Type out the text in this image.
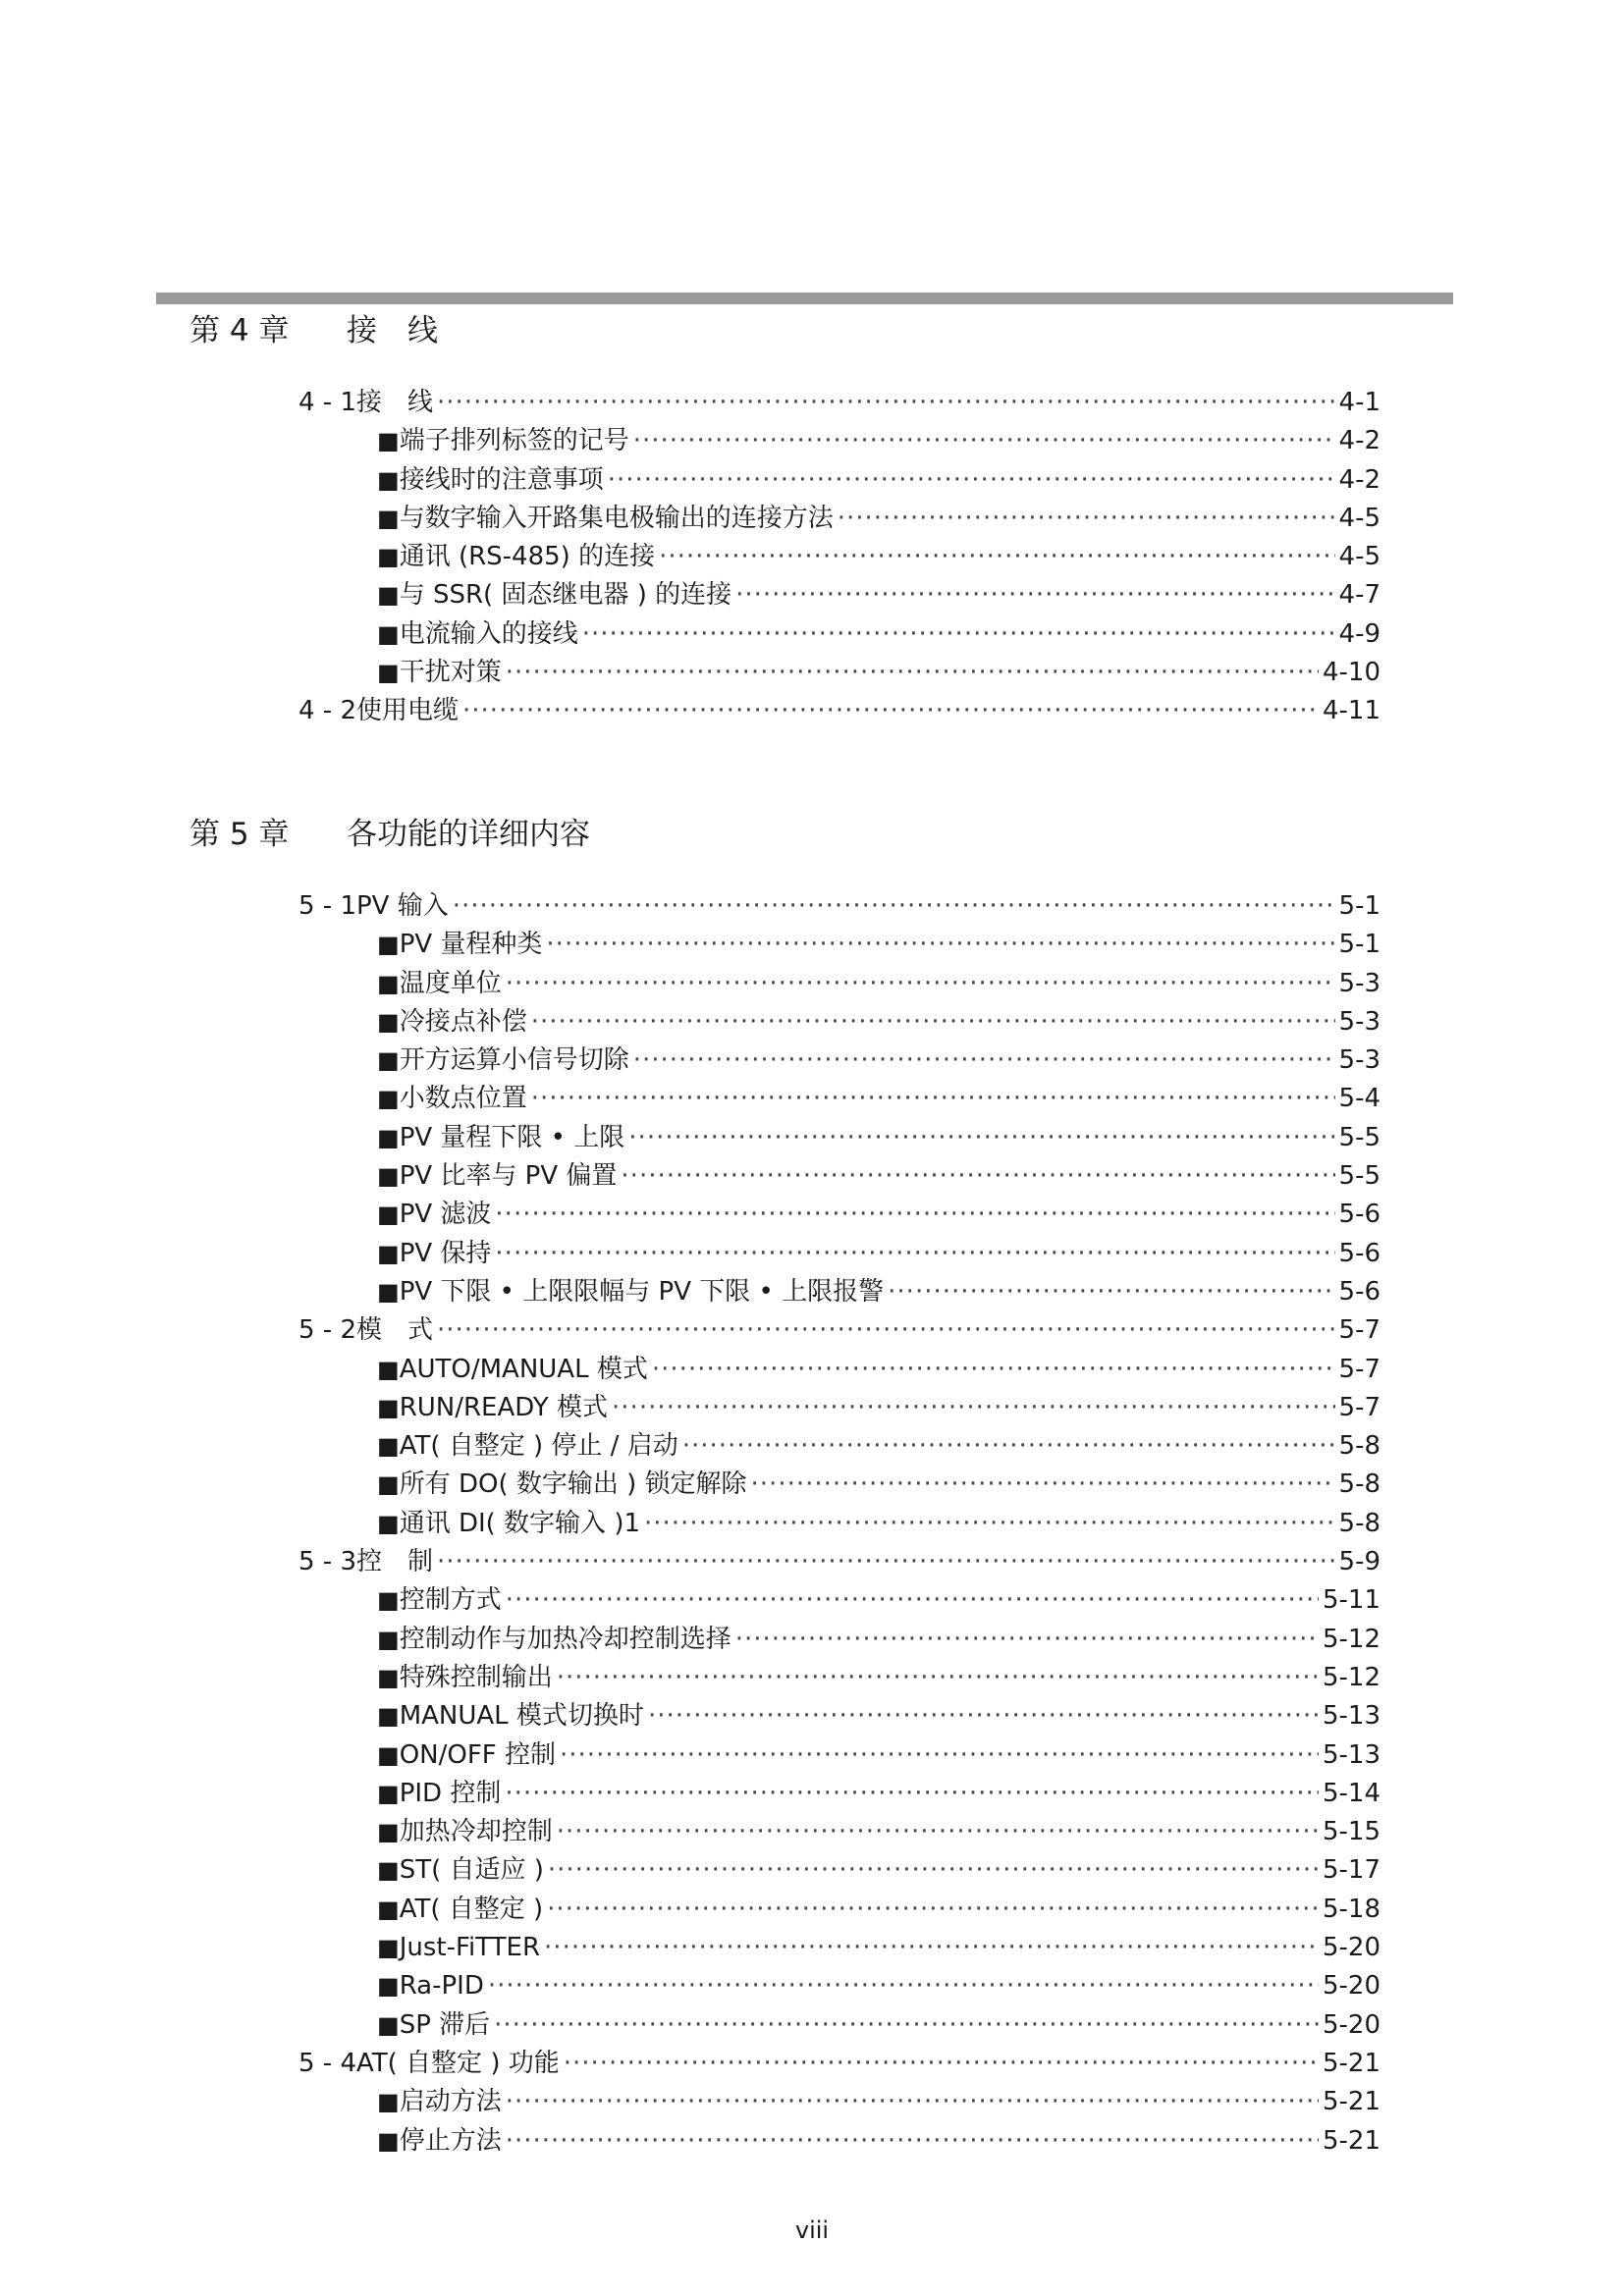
第 4 章 接　线
4 - 1 接　线 ·····	4-1
■ 端子排列标签的记号 ·····	4-2
■ 接线时的注意事项 ·····	4-2
■ 与数字输入开路集电极输出的连接方法 ·····	4-5
■ 通讯 (RS-485) 的连接 ·····	4-5
■ 与 SSR( 固态继电器 ) 的连接 ·····	4-7
■ 电流输入的接线 ·····	4-9
■ 干扰对策 ·····	4-10
4 - 2 使用电缆 ·····	4-11
第 5 章 各功能的详细内容
5 - 1 PV 输入 ·····	5-1
■ PV 量程种类 ·····	5-1
■ 温度单位 ·····	5-3
■ 冷接点补偿 ·····	5-3
■ 开方运算小信号切除 ·····	5-3
■ 小数点位置 ·····	5-4
■ PV 量程下限 • 上限 ·····	5-5
■ PV 比率与 PV 偏置 ·····	5-5
■ PV 滤波 ·····	5-6
■ PV 保持 ·····	5-6
■ PV 下限 • 上限限幅与 PV 下限 • 上限报警 ·····	5-6
5 - 2 模　式 ·····	5-7
■ AUTO/MANUAL 模式 ·····	5-7
■ RUN/READY 模式 ·····	5-7
■ AT( 自整定 ) 停止 / 启动 ·····	5-8
■ 所有 DO( 数字输出 ) 锁定解除 ·····	5-8
■ 通讯 DI( 数字输入 )1 ·····	5-8
5 - 3 控　制 ·····	5-9
■ 控制方式 ·····	5-11
■ 控制动作与加热冷却控制选择 ·····	5-12
■ 特殊控制输出 ·····	5-12
■ MANUAL 模式切换时 ·····	5-13
■ ON/OFF 控制 ·····	5-13
■ PID 控制 ·····	5-14
■ 加热冷却控制 ·····	5-15
■ ST( 自适应 ) ·····	5-17
■ AT( 自整定 ) ·····	5-18
■ Just-FiTTER ·····	5-20
■ Ra-PID ·····	5-20
■ SP 滞后 ·····	5-20
5 - 4 AT( 自整定 ) 功能 ·····	5-21
■ 启动方法 ·····	5-21
■ 停止方法 ·····	5-21
viii
